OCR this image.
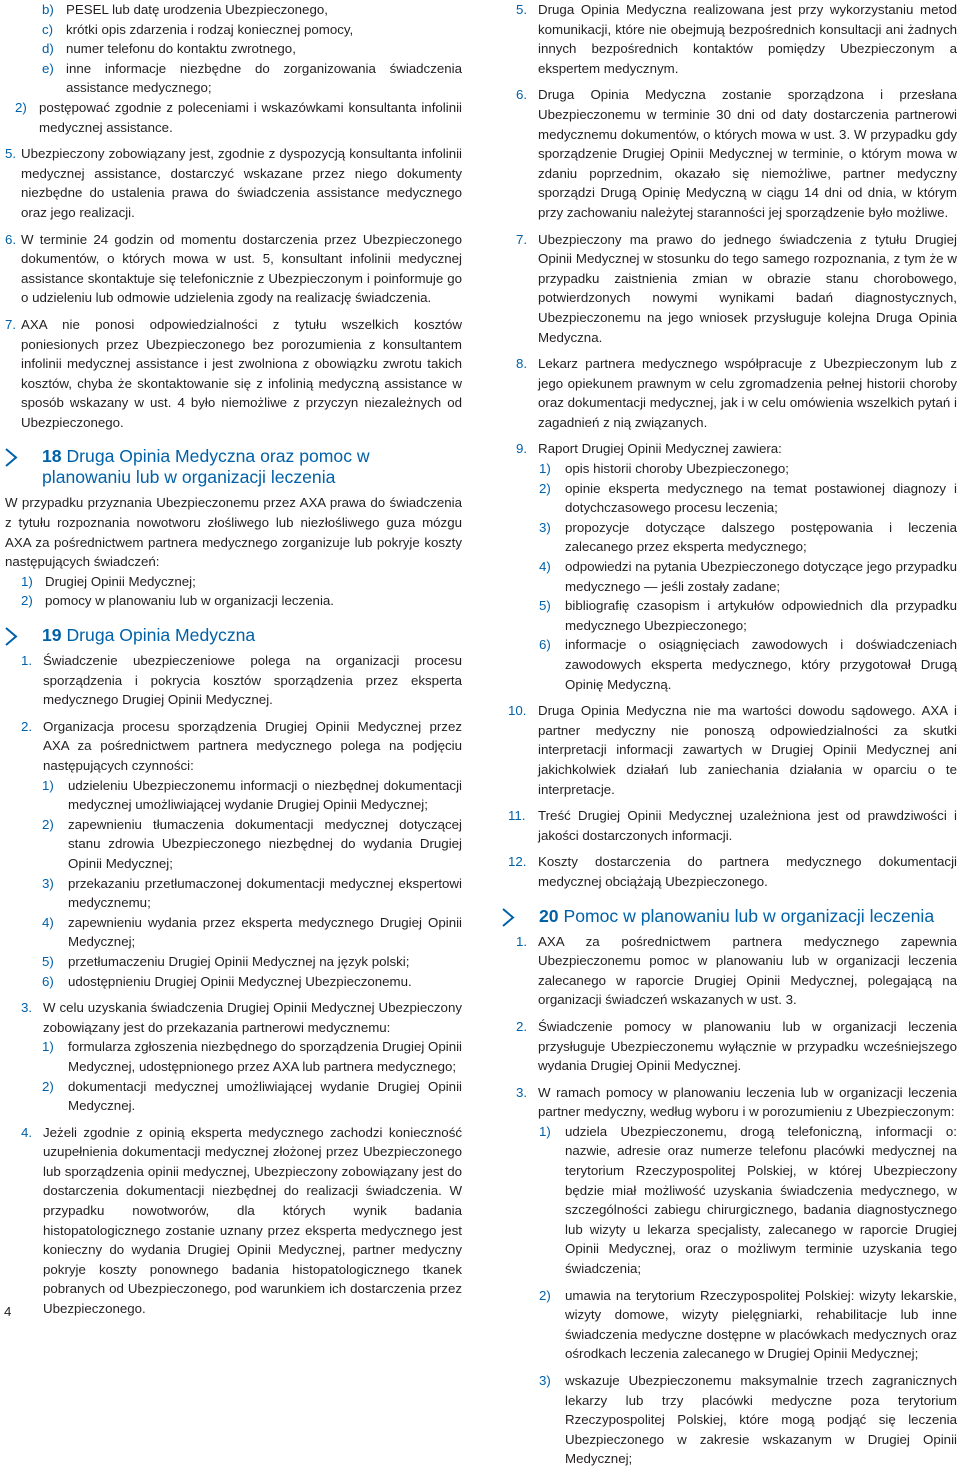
b) PESEL lub datę urodzenia Ubezpieczonego,

c) krótki opis zdarzenia i rodzaj koniecznej pomocy,

d) numer telefonu do kontaktu zwrotnego,

e) inne informacje niezbędne do zorganizowania świadczenia assistance medycznego;

2) postępować zgodnie z poleceniami i wskazówkami konsultanta infolinii medycznej assistance.

5. Ubezpieczony zobowiązany jest, zgodnie z dyspozycją konsultanta infolinii medycznej assistance, dostarczyć wskazane przez niego dokumenty niezbędne do ustalenia prawa do świadczenia assistance medycznego oraz jego realizacji.

6. W terminie 24 godzin od momentu dostarczenia przez Ubezpieczonego dokumentów, o których mowa w ust. 5, konsultant infolinii medycznej assistance skontaktuje się telefonicznie z Ubezpieczonym i poinformuje go o udzieleniu lub odmowie udzielenia zgody na realizację świadczenia.

7. AXA nie ponosi odpowiedzialności z tytułu wszelkich kosztów poniesionych przez Ubezpieczonego bez porozumienia z konsultantem infolinii medycznej assistance i jest zwolniona z obowiązku zwrotu takich kosztów, chyba że skontaktowanie się z infolinią medyczną assistance w sposób wskazany w ust. 4 było niemożliwe z przyczyn niezależnych od Ubezpieczonego.

18 Druga Opinia Medyczna oraz pomoc w planowaniu lub w organizacji leczenia

W przypadku przyznania Ubezpieczonemu przez AXA prawa do świadczenia z tytułu rozpoznania nowotworu złośliwego lub niezłośliwego guza mózgu AXA za pośrednictwem partnera medycznego zorganizuje lub pokryje koszty następujących świadczeń:

1) Drugiej Opinii Medycznej;

2) pomocy w planowaniu lub w organizacji leczenia.

19 Druga Opinia Medyczna
1. Świadczenie ubezpieczeniowe polega na organizacji procesu sporządzenia i pokrycia kosztów sporządzenia przez eksperta medycznego Drugiej Opinii Medycznej.

2. Organizacja procesu sporządzenia Drugiej Opinii Medycznej przez AXA za pośrednictwem partnera medycznego polega na podjęciu następujących czynności:

1) udzieleniu Ubezpieczonemu informacji o niezbędnej dokumentacji medycznej umożliwiającej wydanie Drugiej Opinii Medycznej;

2) zapewnieniu tłumaczenia dokumentacji medycznej dotyczącej stanu zdrowia Ubezpieczonego niezbędnej do wydania Drugiej Opinii Medycznej;

3) przekazaniu przetłumaczonej dokumentacji medycznej ekspertowi medycznemu;

4) zapewnieniu wydania przez eksperta medycznego Drugiej Opinii Medycznej;

5) przetłumaczeniu Drugiej Opinii Medycznej na język polski;

6) udostępnieniu Drugiej Opinii Medycznej Ubezpieczonemu.

3. W celu uzyskania świadczenia Drugiej Opinii Medycznej Ubezpieczony zobowiązany jest do przekazania partnerowi medycznemu:

1) formularza zgłoszenia niezbędnego do sporządzenia Drugiej Opinii Medycznej, udostępnionego przez AXA lub partnera medycznego;

2) dokumentacji medycznej umożliwiającej wydanie Drugiej Opinii Medycznej.

4. Jeżeli zgodnie z opinią eksperta medycznego zachodzi konieczność uzupełnienia dokumentacji medycznej złożonej przez Ubezpieczonego lub sporządzenia opinii medycznej, Ubezpieczony zobowiązany jest do dostarczenia dokumentacji niezbędnej do realizacji świadczenia. W przypadku nowotworów, dla których wynik badania histopatologicznego zostanie uznany przez eksperta medycznego jest konieczny do wydania Drugiej Opinii Medycznej, partner medyczny pokryje koszty ponownego badania histopatologicznego tkanek pobranych od Ubezpieczonego, pod warunkiem ich dostarczenia przez Ubezpieczonego.

5. Druga Opinia Medyczna realizowana jest przy wykorzystaniu metod komunikacji, które nie obejmują bezpośrednich konsultacji ani żadnych innych bezpośrednich kontaktów pomiędzy Ubezpieczonym a ekspertem medycznym.

6. Druga Opinia Medyczna zostanie sporządzona i przesłana Ubezpieczonemu w terminie 30 dni od daty dostarczenia partnerowi medycznemu dokumentów, o których mowa w ust. 3. W przypadku gdy sporządzenie Drugiej Opinii Medycznej w terminie, o którym mowa w zdaniu poprzednim, okazało się niemożliwe, partner medyczny sporządzi Drugą Opinię Medyczną w ciągu 14 dni od dnia, w którym przy zachowaniu należytej staranności jej sporządzenie było możliwe.

7. Ubezpieczony ma prawo do jednego świadczenia z tytułu Drugiej Opinii Medycznej w stosunku do tego samego rozpoznania, z tym że w przypadku zaistnienia zmian w obrazie stanu chorobowego, potwierdzonych nowymi wynikami badań diagnostycznych, Ubezpieczonemu na jego wniosek przysługuje kolejna Druga Opinia Medyczna.

8. Lekarz partnera medycznego współpracuje z Ubezpieczonym lub z jego opiekunem prawnym w celu zgromadzenia pełnej historii choroby oraz dokumentacji medycznej, jak i w celu omówienia wszelkich pytań i zagadnień z nią związanych.

9. Raport Drugiej Opinii Medycznej zawiera:

1) opis historii choroby Ubezpieczonego;

2) opinie eksperta medycznego na temat postawionej diagnozy i dotychczasowego procesu leczenia;

3) propozycje dotyczące dalszego postępowania i leczenia zalecanego przez eksperta medycznego;

4) odpowiedzi na pytania Ubezpieczonego dotyczące jego przypadku medycznego — jeśli zostały zadane;

5) bibliografię czasopism i artykułów odpowiednich dla przypadku medycznego Ubezpieczonego;

6) informacje o osiągnięciach zawodowych i doświadczeniach zawodowych eksperta medycznego, który przygotował Drugą Opinię Medyczną.

10. Druga Opinia Medyczna nie ma wartości dowodu sądowego. AXA i partner medyczny nie ponoszą odpowiedzialności za skutki interpretacji informacji zawartych w Drugiej Opinii Medycznej ani jakichkolwiek działań lub zaniechania działania w oparciu o te interpretacje.

11. Treść Drugiej Opinii Medycznej uzależniona jest od prawdziwości i jakości dostarczonych informacji.

12. Koszty dostarczenia do partnera medycznego dokumentacji medycznej obciążają Ubezpieczonego.

20 Pomoc w planowaniu lub w organizacji leczenia
1. AXA za pośrednictwem partnera medycznego zapewnia Ubezpieczonemu pomoc w planowaniu lub w organizacji leczenia zalecanego w raporcie Drugiej Opinii Medycznej, polegającą na organizacji świadczeń wskazanych w ust. 3.

2. Świadczenie pomocy w planowaniu lub w organizacji leczenia przysługuje Ubezpieczonemu wyłącznie w przypadku wcześniejszego wydania Drugiej Opinii Medycznej.

3. W ramach pomocy w planowaniu leczenia lub w organizacji leczenia partner medyczny, według wyboru i w porozumieniu z Ubezpieczonym:

1) udziela Ubezpieczonemu, drogą telefoniczną, informacji o: nazwie, adresie oraz numerze telefonu placówki medycznej na terytorium Rzeczypospolitej Polskiej, w której Ubezpieczony będzie miał możliwość uzyskania świadczenia medycznego, w szczególności zabiegu chirurgicznego, badania diagnostycznego lub wizyty u lekarza specjalisty, zalecanego w raporcie Drugiej Opinii Medycznej, oraz o możliwym terminie uzyskania tego świadczenia;

2) umawia na terytorium Rzeczypospolitej Polskiej: wizyty lekarskie, wizyty domowe, wizyty pielęgniarki, rehabilitacje lub inne świadczenia medyczne dostępne w placówkach medycznych oraz ośrodkach leczenia zalecanego w Drugiej Opinii Medycznej;

3) wskazuje Ubezpieczonemu maksymalnie trzech zagranicznych lekarzy lub trzy placówki medyczne poza terytorium Rzeczypospolitej Polskiej, które mogą podjąć się leczenia Ubezpieczonego w zakresie wskazanym w Drugiej Opinii Medycznej;

4
